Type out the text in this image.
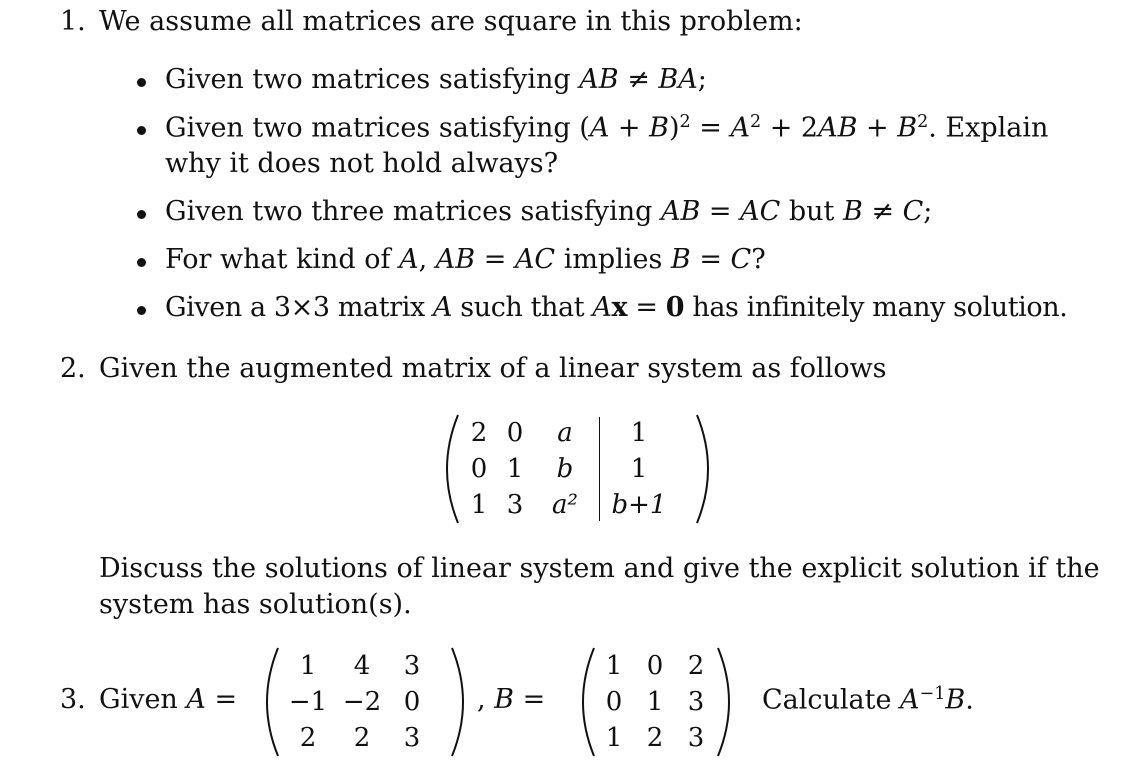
1. We assume all matrices are square in this problem:
Given two matrices satisfying AB ≠ BA;
Given two matrices satisfying $(A + B)^2 = A^2 + 2AB + B^2$. Explain
why it does not hold always?
Given two three matrices satisfying AB = AC but B ≠ C;
For what kind of A, AB = AC implies B = C?
Given a 3×3 matrix A such that Ax = 0 has infinitely many solution.
2. Given the augmented matrix of a linear system as follows
2	0	a	1
0	1	b	1
1	3	a²	b+1
Discuss the solutions of linear system and give the explicit solution if the
system has solution(s).
3. Given A =
1	4	3
−1	−2	0
2	2	3
, B =
1	0	2
0	1	3
1	2	3
Calculate $A^{-1}B$.
